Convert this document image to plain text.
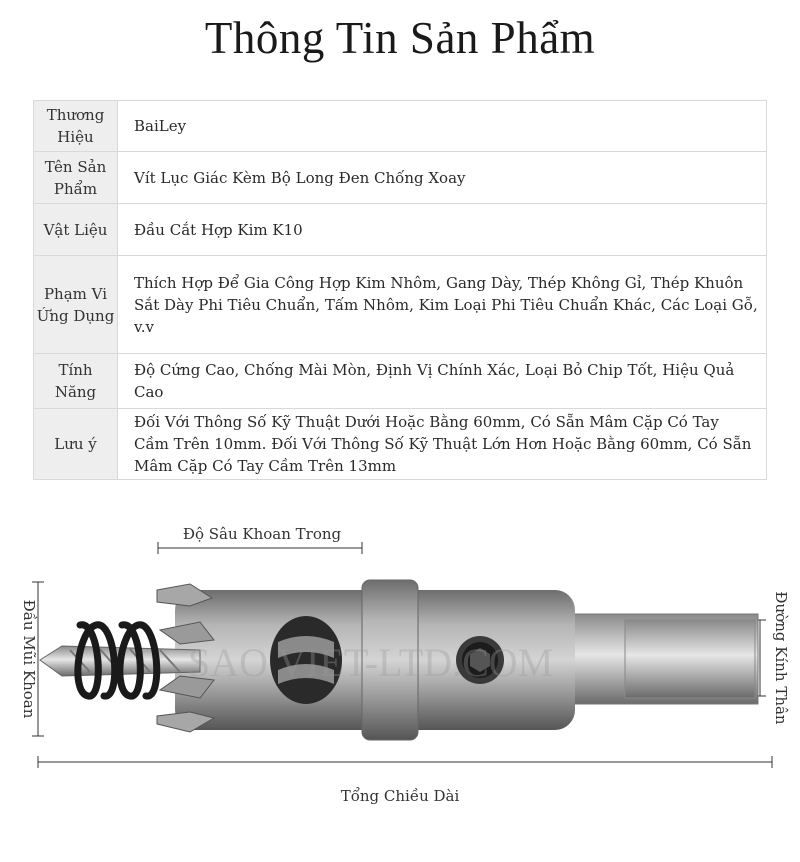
Thông Tin Sản Phẩm
Thương Hiệu	BaiLey
Tên Sản Phẩm	Vít Lục Giác Kèm Bộ Long Đen Chống Xoay
Vật Liệu	Đầu Cắt Hợp Kim K10
Phạm Vi Ứng Dụng	Thích Hợp Để Gia Công Hợp Kim Nhôm, Gang Dày, Thép Không Gỉ, Thép Khuôn Sắt Dày Phi Tiêu Chuẩn, Tấm Nhôm, Kim Loại Phi Tiêu Chuẩn Khác, Các Loại Gỗ, v.v
Tính Năng	Độ Cứng Cao, Chống Mài Mòn, Định Vị Chính Xác, Loại Bỏ Chip Tốt, Hiệu Quả Cao
Lưu ý	Đối Với Thông Số Kỹ Thuật Dưới Hoặc Bằng 60mm, Có Sẵn Mâm Cặp Có Tay Cầm Trên 10mm. Đối Với Thông Số Kỹ Thuật Lớn Hơn Hoặc Bằng 60mm, Có Sẵn Mâm Cặp Có Tay Cầm Trên 13mm
Độ Sâu Khoan Trong
Đầu Mũi Khoan	Đường Kính Thân
Tổng Chiều Dài
SAO VIET-LTD.COM
